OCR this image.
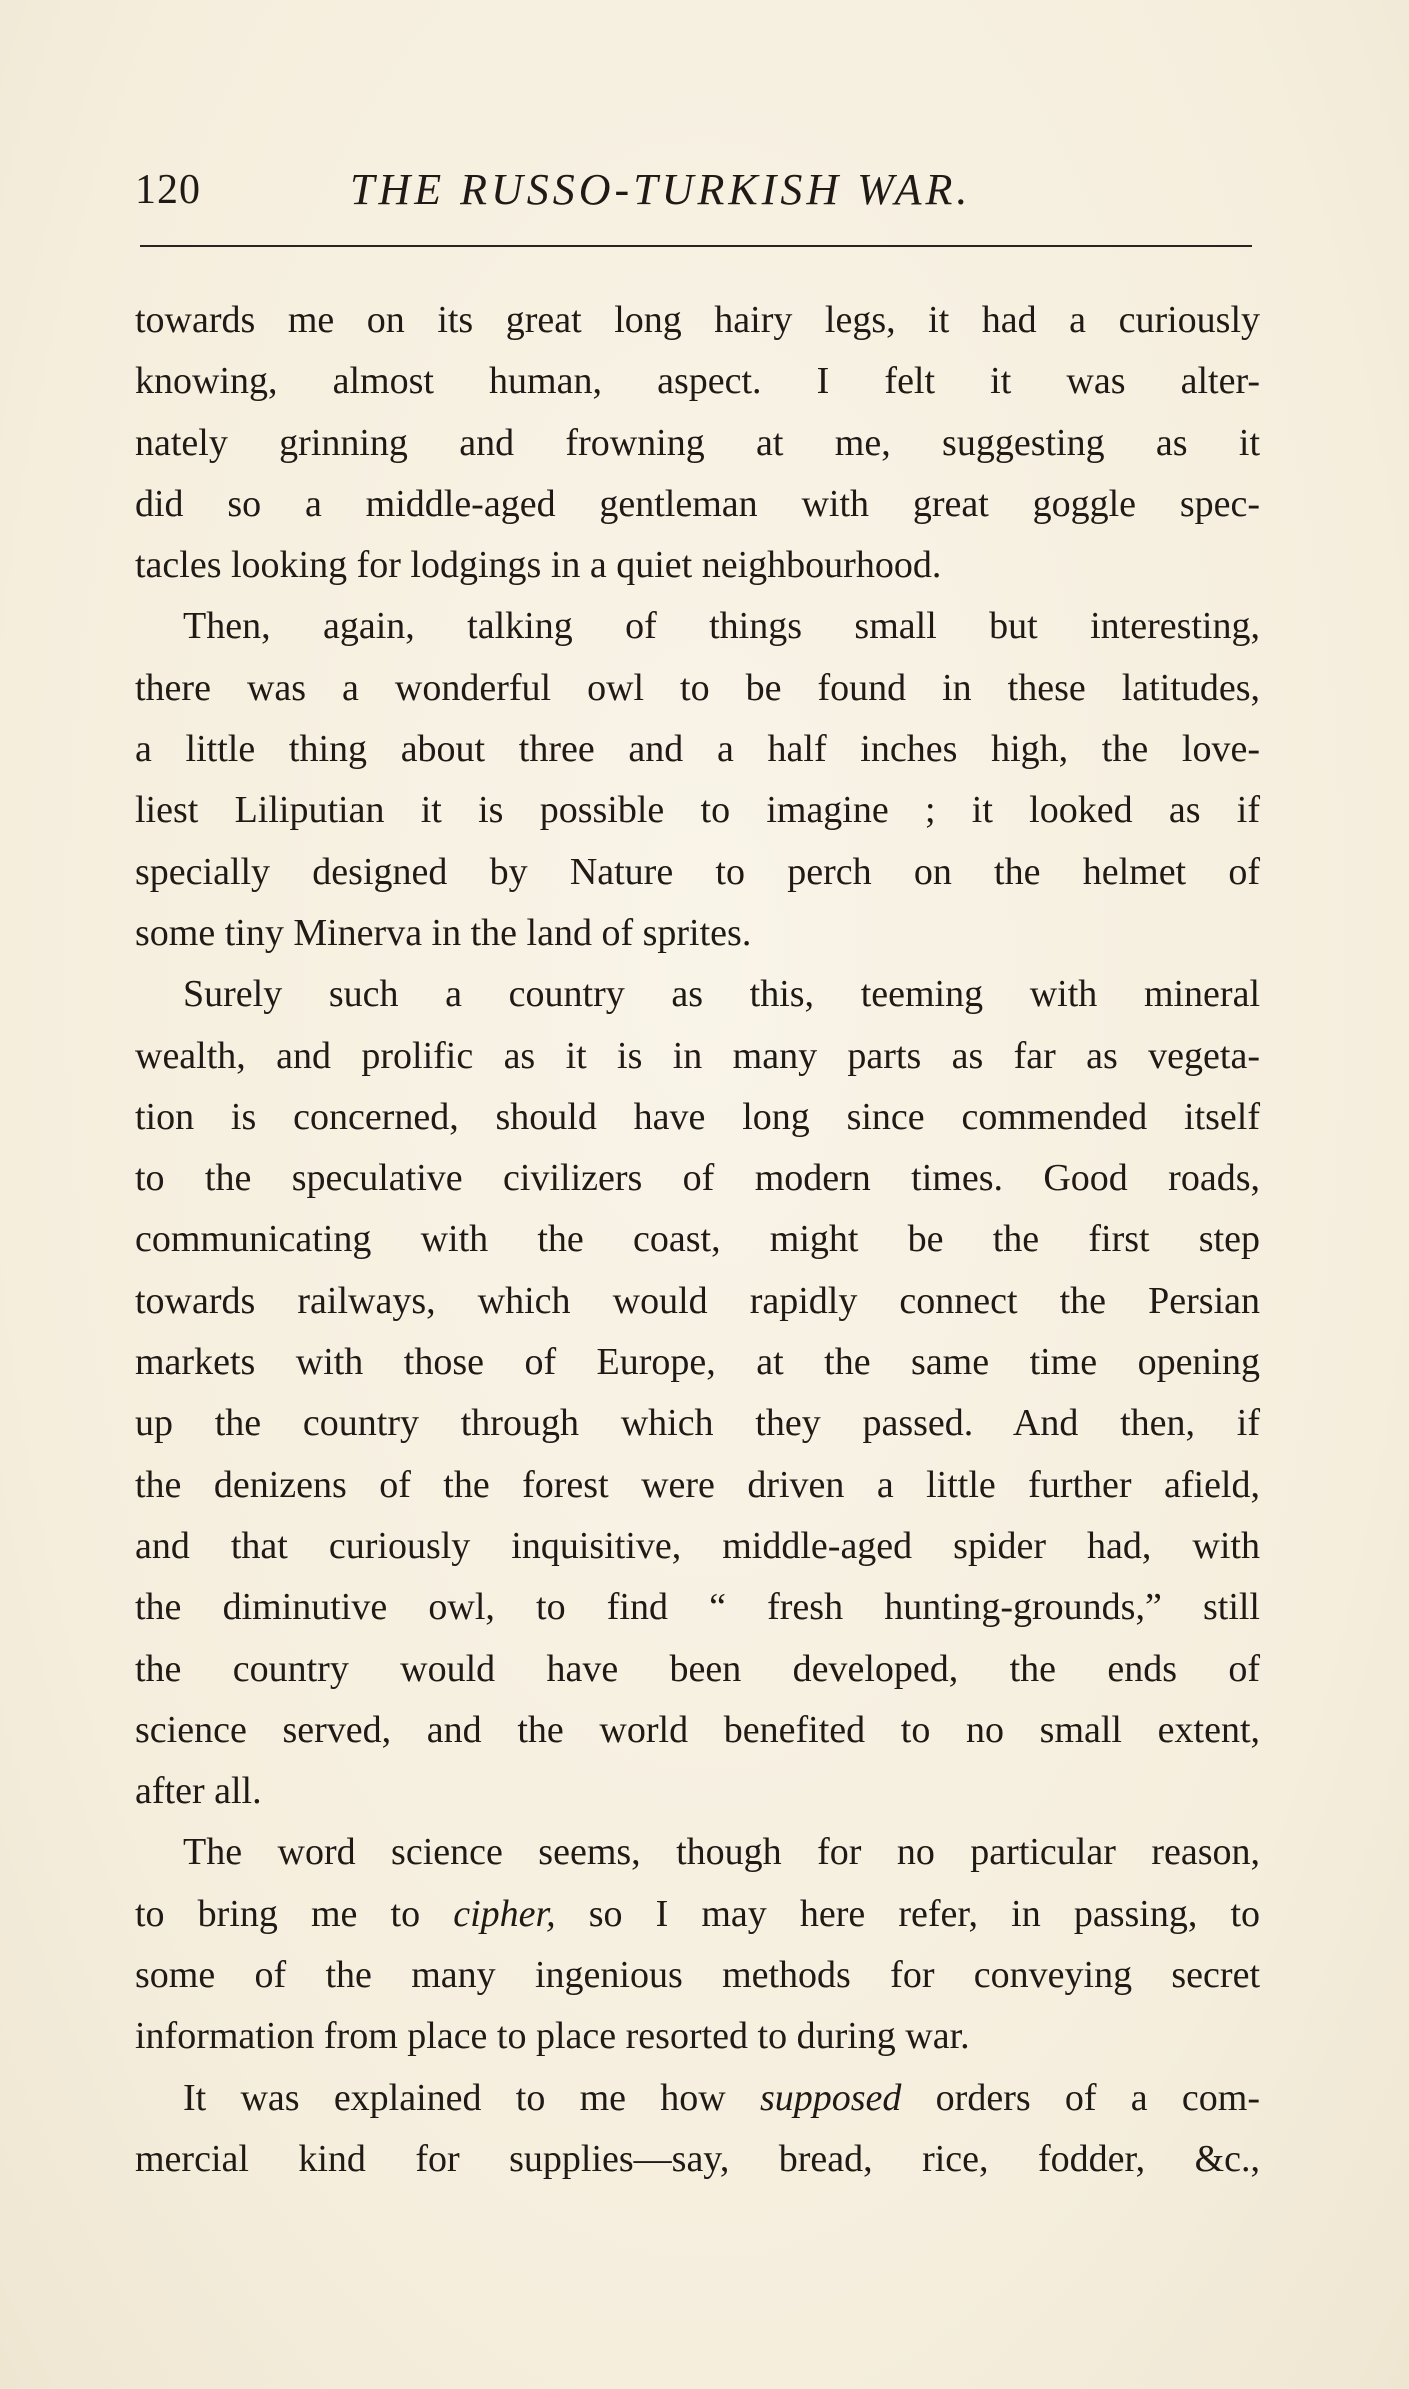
120	THE RUSSO-TURKISH WAR.
towards me on its great long hairy legs, it had a curiously
knowing, almost human, aspect. I felt it was alter-
nately grinning and frowning at me, suggesting as it
did so a middle-aged gentleman with great goggle spec-
tacles looking for lodgings in a quiet neighbourhood.
Then, again, talking of things small but interesting,
there was a wonderful owl to be found in these latitudes,
a little thing about three and a half inches high, the love-
liest Liliputian it is possible to imagine ; it looked as if
specially designed by Nature to perch on the helmet of
some tiny Minerva in the land of sprites.
Surely such a country as this, teeming with mineral
wealth, and prolific as it is in many parts as far as vegeta-
tion is concerned, should have long since commended itself
to the speculative civilizers of modern times. Good roads,
communicating with the coast, might be the first step
towards railways, which would rapidly connect the Persian
markets with those of Europe, at the same time opening
up the country through which they passed. And then, if
the denizens of the forest were driven a little further afield,
and that curiously inquisitive, middle-aged spider had, with
the diminutive owl, to find “ fresh hunting-grounds,” still
the country would have been developed, the ends of
science served, and the world benefited to no small extent,
after all.
The word science seems, though for no particular reason,
to bring me to cipher, so I may here refer, in passing, to
some of the many ingenious methods for conveying secret
information from place to place resorted to during war.
It was explained to me how supposed orders of a com-
mercial kind for supplies—say, bread, rice, fodder, &c.,
